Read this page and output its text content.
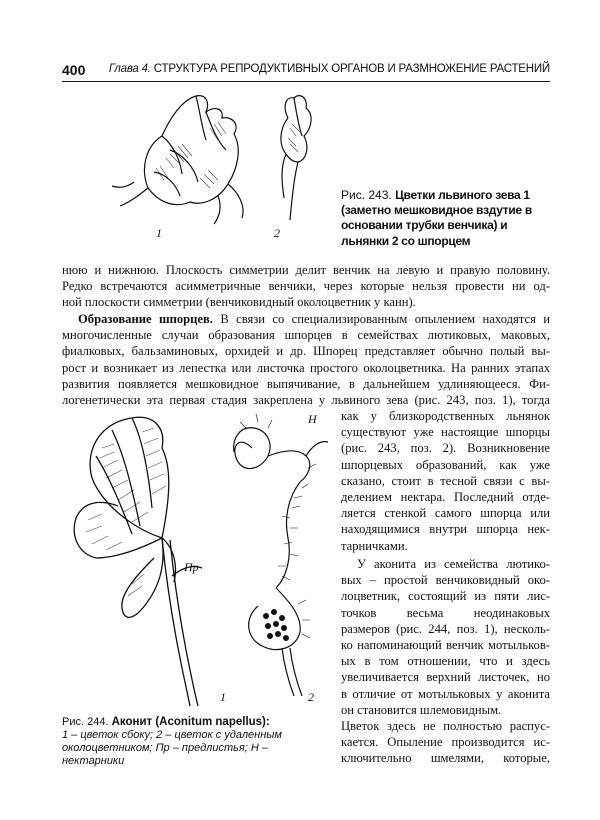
400 Глава 4. СТРУКТУРА РЕПРОДУКТИВНЫХ ОРГАНОВ И РАЗМНОЖЕНИЕ РАСТЕНИЙ
1	2
Рис. 243. Цветки львиного зева 1 (заметно мешковидное вздутие в основании трубки венчика) и льнянки 2 со шпорцем
нюю и нижнюю. Плоскость симметрии делит венчик на левую и правую половину.
Редко встречаются асимметричные венчики, через которые нельзя провести ни од-
ной плоскости симметрии (венчиковидный околоцветник у канн).
Образование шпорцев. В связи со специализированным опылением находятся и
многочисленные случаи образования шпорцев в семействах лютиковых, маковых,
фиалковых, бальзаминовых, орхидей и др. Шпорец представляет обычно полый вы-
рост и возникает из лепестка или листочка простого околоцветника. На ранних этапах
развития появляется мешковидное выпячивание, в дальнейшем удлиняющееся. Фи-
логенетически эта первая стадия закреплена у львиного зева (рис. 243, поз. 1), тогда
как у близкородственных льнянок
существуют уже настоящие шпорцы
(рис. 243, поз. 2). Возникновение
шпорцевых образований, как уже
сказано, стоит в тесной связи с вы-
делением нектара. Последний отде-
ляется стенкой самого шпорца или
находящимися внутри шпорца нек-
тарничками.
У аконита из семейства лютико-
вых – простой венчиковидный око-
лоцветник, состоящий из пяти лис-
точков весьма неодинаковых
размеров (рис. 244, поз. 1), несколь-
ко напоминающий венчик мотыльков-
ых в том отношении, что и здесь
увеличивается верхний листочек, но
в отличие от мотыльковых у аконита
он становится шлемовидным.
Цветок здесь не полностью распус-
кается. Опыление производится ис-
ключительно шмелями, которые,
Н
Пр
1	2
Рис. 244. Аконит (Aconitum napellus):
1 – цветок сбоку; 2 – цветок с удаленным околоцветником; Пр – предлистья; Н – нектарники
